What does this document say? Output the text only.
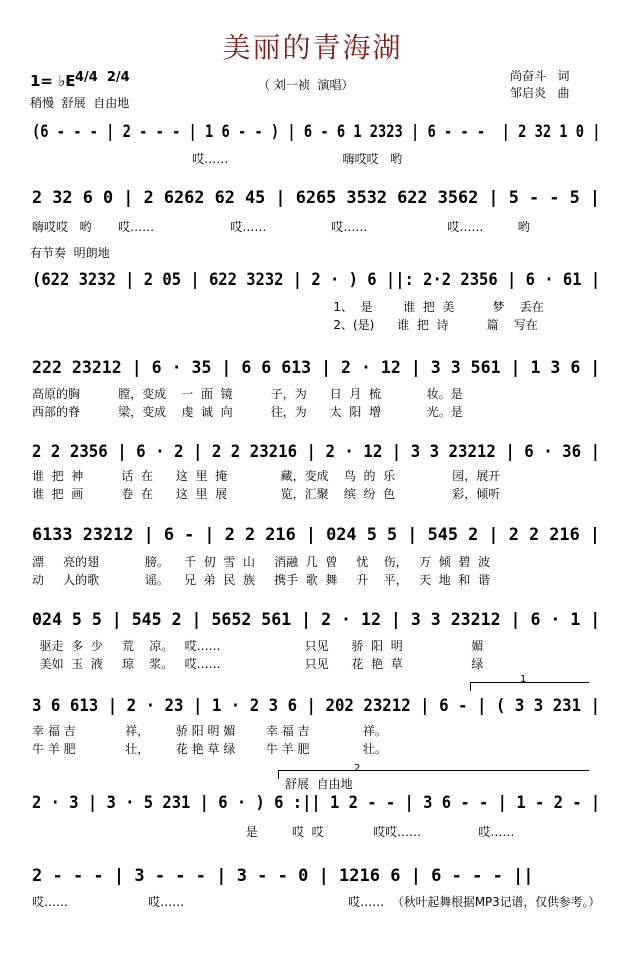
美丽的青海湖
（ 刘一祯  演唱）
1= ♭E 4/4  2/4
稍慢  舒展  自由地
尚奋斗   词
邹启炎   曲
有节奏  明朗地
舒展  自由地
1
2
(6 - - - | 2 - - - | 1 6 - - ) | 6 - 6 1 2323 | 6 - - -  | 2 32 1 0 |
哎……                              嗨哎哎   哟
2 32 6 0 | 2 6262 62 45 | 6265 3532 622 3562 | 5 - - 5 |
嗨哎哎   哟       哎……                    哎……                 哎……                     哎……         哟
(622 3232 | 2 05 | 622 3232 | 2 · ) 6 ||: 2·2 2356 | 6 · 61 |
1、  是        谁  把  美          梦    丢在
2、(是)      谁  把  诗          篇    写在
222 23212 | 6 · 35 | 6 6 613 | 2 · 12 | 3 3 561 | 1 3 6 |
高原的胸          膛，变成    一  面  镜          子，为      日  月  梳            妆。是
西部的脊          梁，变成    虔  诚  向          往，为      太  阳  增            光。是
2 2 2356 | 6 · 2 | 2 2 23216 | 2 · 12 | 3 3 23212 | 6 · 36 |
谁  把  神          话  在      这  里  掩              藏，变成    鸟  的  乐               园，展开
谁  把  画          卷  在      这  里  展              览，汇聚    缤  纷  色               彩，倾听
6133 23212 | 6 - | 2 2 216 | 024 5 5 | 545 2 | 2 2 216 |
漂     亮的翅            膀。    千  仞  雪  山     消融  几  曾     忧    伤，   万  倾  碧  波
动     人的歌            谣。    兄  弟  民  族     携手  歌  舞     升    平，   天  地  和  谐
024 5 5 | 545 2 | 5652 561 | 2 · 12 | 3 3 23212 | 6 · 1 |
驱走  多  少     荒    凉。   哎……                      只见      骄  阳  明                  媚
美如  玉  液     琼    浆。   哎……                      只见      花  艳  草                  绿
3 6 613 | 2 · 23 | 1 · 2 3 6 | 202 23212 | 6 - | ( 3 3 231 |
幸 福 吉             祥，       骄 阳 明 媚        幸 福 吉              祥。
牛 羊 肥             壮，       花 艳 草 绿        牛 羊 肥              壮。
2 · 3 | 3 · 5 231 | 6 · ) 6 :|| 1 2 - - | 3 6 - - | 1 - 2 - |
是         哎  哎             哎哎……               哎……
2 - - - | 3 - - - | 3 - - 0 | 1216 6 | 6 - - - ||
哎……                     哎……                                           哎…… （秋叶起舞根据MP3记谱，仅供参考。）
